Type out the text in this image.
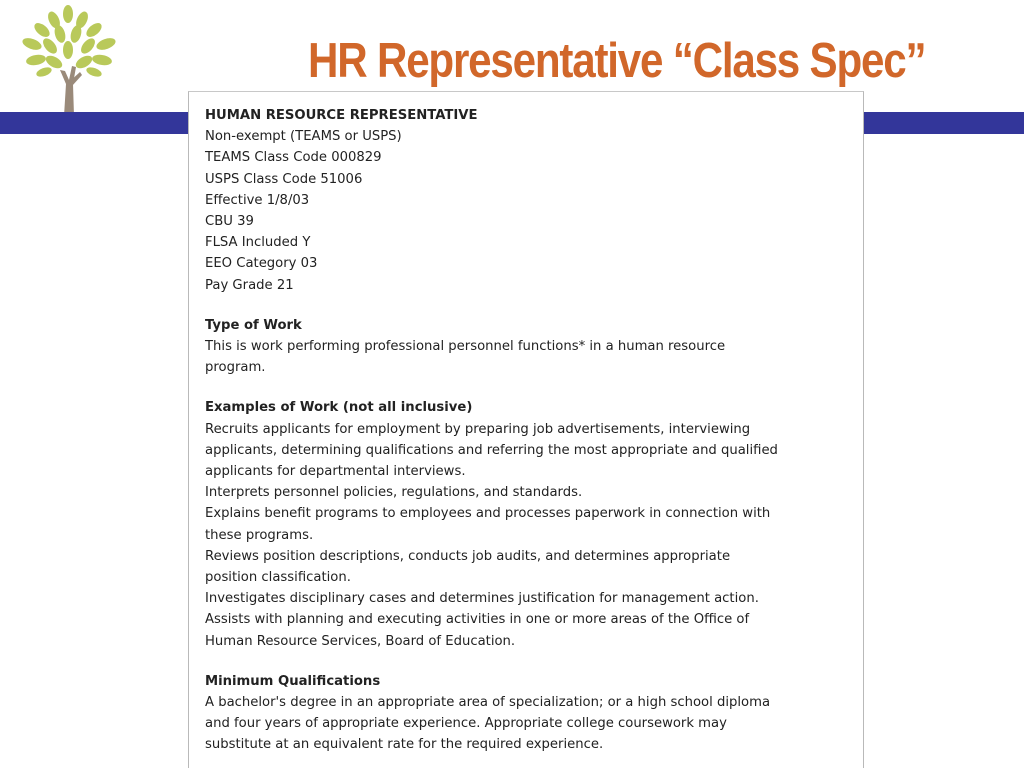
HR Representative “Class Spec”
HUMAN RESOURCE REPRESENTATIVE
Non-exempt (TEAMS or USPS)
TEAMS Class Code 000829
USPS Class Code 51006
Effective 1/8/03
CBU 39
FLSA Included Y
EEO Category 03
Pay Grade 21
Type of Work
This is work performing professional personnel functions* in a human resource
program.
Examples of Work (not all inclusive)
Recruits applicants for employment by preparing job advertisements, interviewing
applicants, determining qualifications and referring the most appropriate and qualified
applicants for departmental interviews.
Interprets personnel policies, regulations, and standards.
Explains benefit programs to employees and processes paperwork in connection with
these programs.
Reviews position descriptions, conducts job audits, and determines appropriate
position classification.
Investigates disciplinary cases and determines justification for management action.
Assists with planning and executing activities in one or more areas of the Office of
Human Resource Services, Board of Education.
Minimum Qualifications
A bachelor's degree in an appropriate area of specialization; or a high school diploma
and four years of appropriate experience. Appropriate college coursework may
substitute at an equivalent rate for the required experience.
